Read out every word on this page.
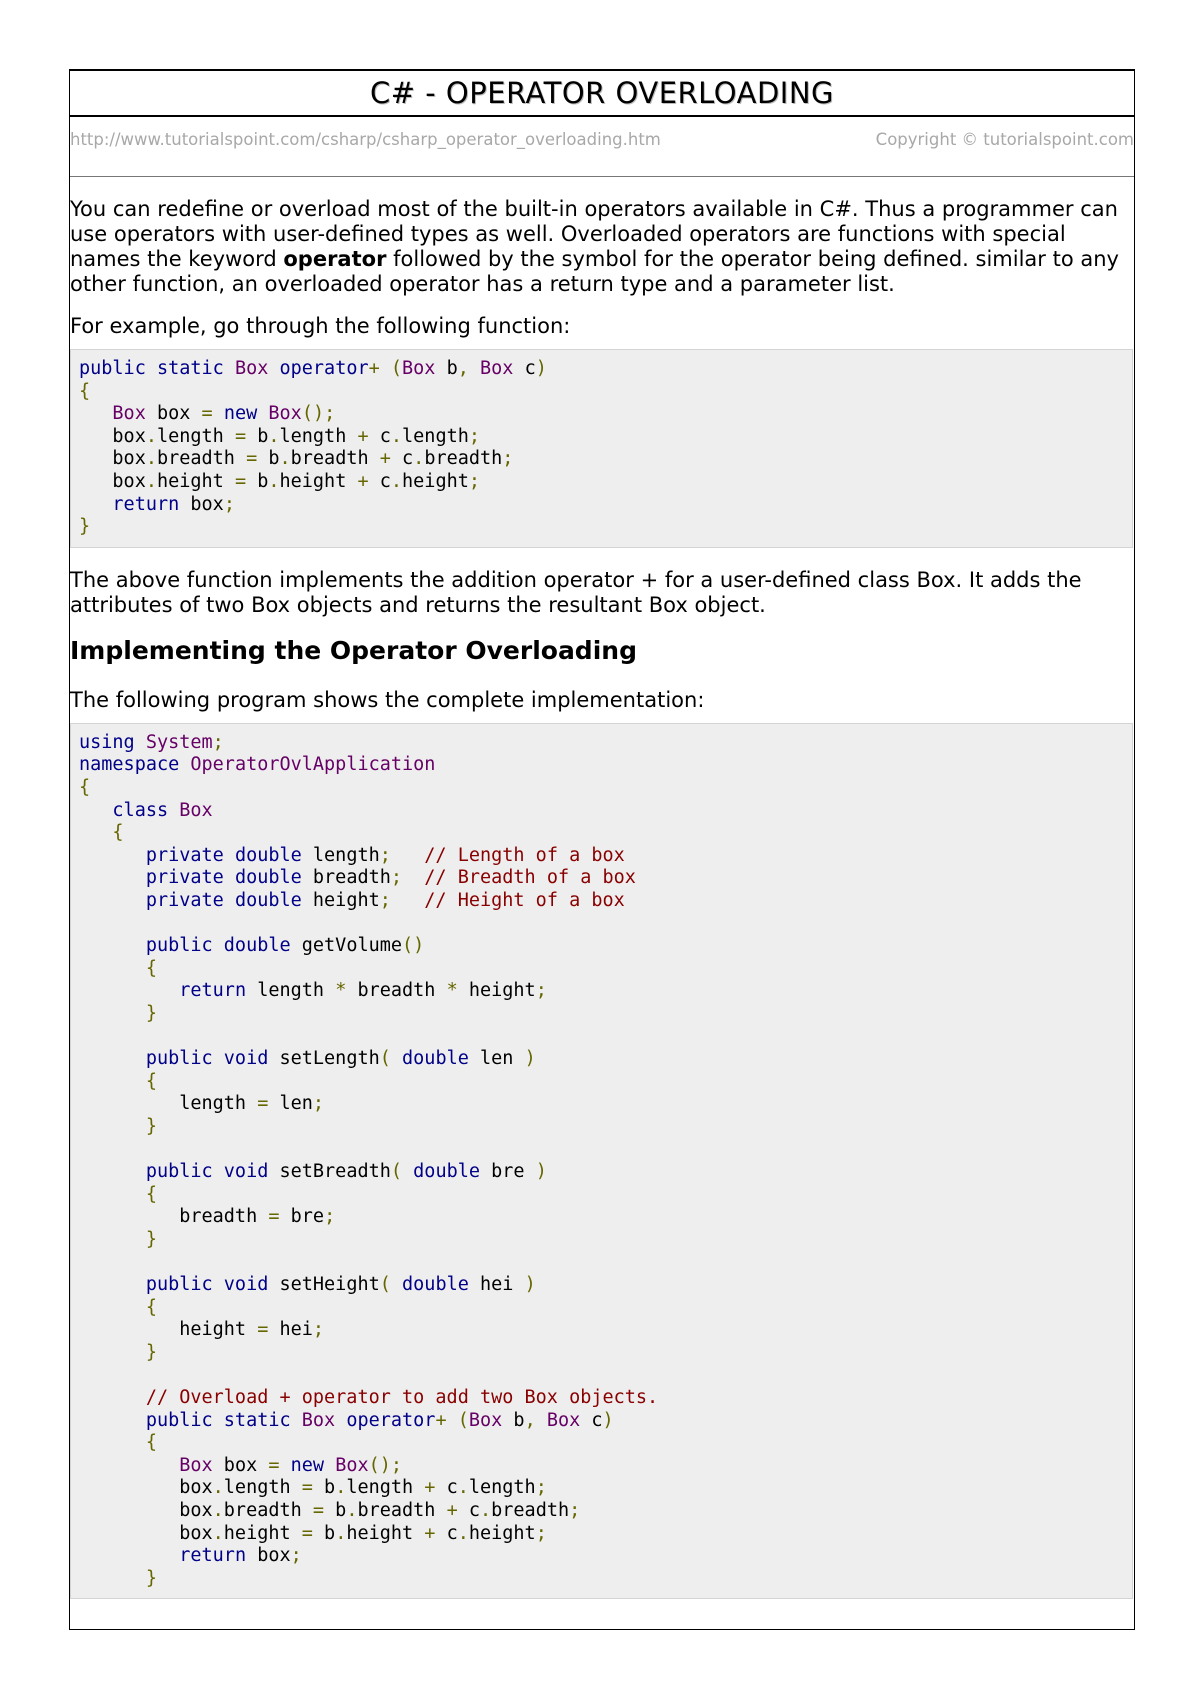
C# - OPERATOR OVERLOADING
http://www.tutorialspoint.com/csharp/csharp_operator_overloading.htm	Copyright © tutorialspoint.com

You can redefine or overload most of the built-in operators available in C#. Thus a programmer can use operators with user-defined types as well. Overloaded operators are functions with special names the keyword operator followed by the symbol for the operator being defined. similar to any other function, an overloaded operator has a return type and a parameter list.

For example, go through the following function:

public static Box operator+ (Box b, Box c)
{
Box box = new Box();
box.length = b.length + c.length;
box.breadth = b.breadth + c.breadth;
box.height = b.height + c.height;
return box;
}

The above function implements the addition operator + for a user-defined class Box. It adds the attributes of two Box objects and returns the resultant Box object.

Implementing the Operator Overloading

The following program shows the complete implementation:

using System;
namespace OperatorOvlApplication
{
class Box
{
private double length; // Length of a box
private double breadth; // Breadth of a box
private double height; // Height of a box

public double getVolume()
{
return length * breadth * height;
}

public void setLength( double len )
{
length = len;
}

public void setBreadth( double bre )
{
breadth = bre;
}

public void setHeight( double hei )
{
height = hei;
}

// Overload + operator to add two Box objects.
public static Box operator+ (Box b, Box c)
{
Box box = new Box();
box.length = b.length + c.length;
box.breadth = b.breadth + c.breadth;
box.height = b.height + c.height;
return box;
}
